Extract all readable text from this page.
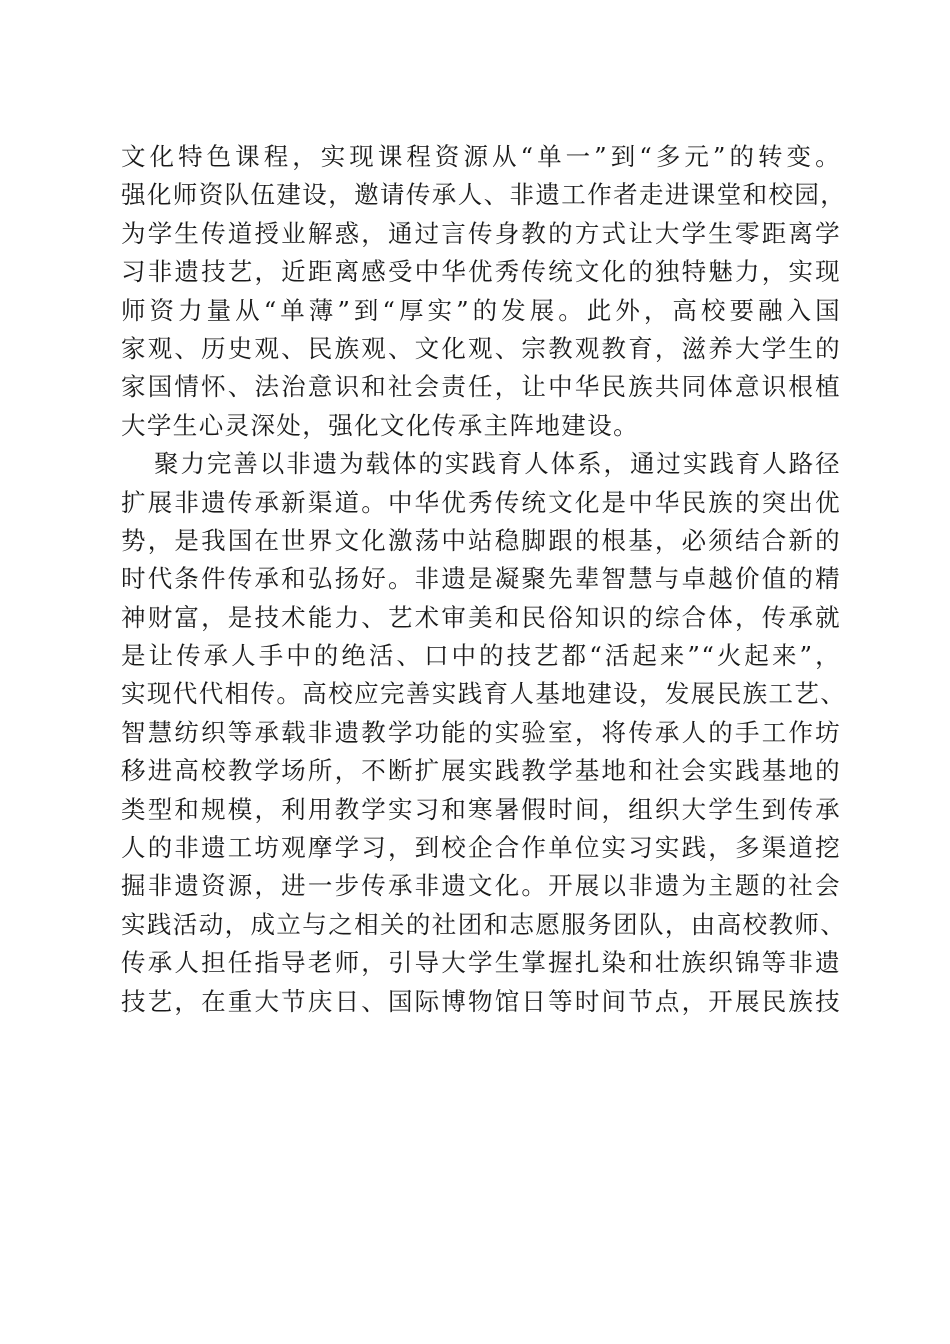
文化特色课程，实现课程资源从“单一”到“多元”的转变。
强化师资队伍建设，邀请传承人、非遗工作者走进课堂和校园，
为学生传道授业解惑，通过言传身教的方式让大学生零距离学
习非遗技艺，近距离感受中华优秀传统文化的独特魅力，实现
师资力量从“单薄”到“厚实”的发展。此外，高校要融入国
家观、历史观、民族观、文化观、宗教观教育，滋养大学生的
家国情怀、法治意识和社会责任，让中华民族共同体意识根植
大学生心灵深处，强化文化传承主阵地建设。
聚力完善以非遗为载体的实践育人体系，通过实践育人路径
扩展非遗传承新渠道。中华优秀传统文化是中华民族的突出优
势，是我国在世界文化激荡中站稳脚跟的根基，必须结合新的
时代条件传承和弘扬好。非遗是凝聚先辈智慧与卓越价值的精
神财富，是技术能力、艺术审美和民俗知识的综合体，传承就
是让传承人手中的绝活、口中的技艺都“活起来”“火起来”，
实现代代相传。高校应完善实践育人基地建设，发展民族工艺、
智慧纺织等承载非遗教学功能的实验室，将传承人的手工作坊
移进高校教学场所，不断扩展实践教学基地和社会实践基地的
类型和规模，利用教学实习和寒暑假时间，组织大学生到传承
人的非遗工坊观摩学习，到校企合作单位实习实践，多渠道挖
掘非遗资源，进一步传承非遗文化。开展以非遗为主题的社会
实践活动，成立与之相关的社团和志愿服务团队，由高校教师、
传承人担任指导老师，引导大学生掌握扎染和壮族织锦等非遗
技艺，在重大节庆日、国际博物馆日等时间节点，开展民族技
